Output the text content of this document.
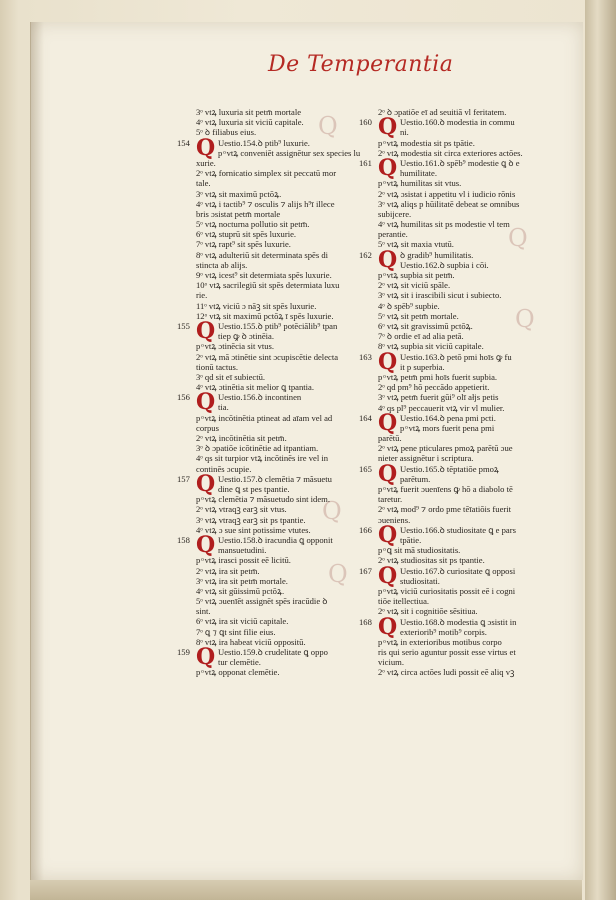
De Temperantia
Q
Q
Q
Q
Q
3ᵒ vtꝝ luxuria sit petm̄ mortale
4ᵒ vtꝝ luxuria sit viciū capitale.
5ᵒ ꝺ filiabus eius.
154 Q Uestio.154.ꝺ ptib⁹ luxurie.
p ͦ vtꝝ conveniēt assignētur sex species lu
xurie.
2ᵒ vtꝝ fornicatio simplex sit peccatū mor
tale.
3ᵒ vtꝝ sit maximū pctōꝝ.
4ᵒ vtꝝ i tactib⁹ ⁊ osculis ⁊ alijs h⁹ī illece
bris ɔsistat petm̄ mortale
5ᵒ vtꝝ nocturna pollutio sit petm̄.
6ᵒ vtꝝ stuprū sit spēs luxurie.
7ᵒ vtꝝ rapt⁹ sit spēs luxurie.
8ᵒ vtꝝ adulteriū sit determinata spēs di
stincta ab alijs.
9ᵒ vtꝝ icest⁹ sit determiata spēs luxurie.
10ᵒ vtꝝ sacrilegiū sit spēs determiata luxu
rie.
11ᵒ vtꝝ viciū ɔ nāꝫ sit spēs luxurie.
12ᵒ vtꝝ sit maximū pctōꝝ ī spēs luxurie.
155 Q Uestio.155.ꝺ ptib⁹ potēciālib⁹ tpan
tiep ꝙ ꝺ ɔtinēia.
p ͦ vtꝝ ɔtinēcia sit vtus.
2ᵒ vtꝝ mā ɔtinētie sint ɔcupiscētie delecta
tionū tactus.
3ᵒ qd sit eī subiectū.
4ᵒ vtꝝ ɔtinētia sit melior ꝗ tpantia.
156 Q Uestio.156.ꝺ incontinen
tia.
p ͦ vtꝝ incōtinētia ptineat ad aīam vel ad
corpus
2ᵒ vtꝝ incōtinētia sit petm̄.
3ᵒ ꝺ ɔpatiōe icōtinētie ad itpantiam.
4ᵒ qs sit turpior vtꝝ incōtinēs ire vel in
continēs ɔcupie.
157 Q Uestio.157.ꝺ clemētia ⁊ mãsuetu
dine ꝗ st pes tpantie.
p ͦ vtꝝ clemētia ⁊ mãsuetudo sint idem.
2ᵒ vtꝝ vtraqꝫ earꝫ sit vtus.
3ᵒ vtꝝ vtraqꝫ earꝫ sit ps tpantie.
4ᵒ vtꝝ ɔ sue sint potissime vtutes.
158 Q Uestio.158.ꝺ iracundia ꝗ opponit
mansuetudini.
p ͦ vtꝝ irasci possit eē licitū.
2ᵒ vtꝝ ira sit petm̄.
3ᵒ vtꝝ ira sit petm̄ mortale.
4ᵒ vtꝝ sit gūissimū pctōꝝ.
5ᵒ vtꝝ ɔuenīēt assignēt spēs iracūdie ꝺ
sint.
6ᵒ vtꝝ ira sit viciū capitale.
7ᵒ ꝗ ⁊ ꝗt sint filie eius.
8ᵒ vtꝝ ira habeat viciū oppositū.
159 Q Uestio.159.ꝺ crudelitate ꝗ oppo
tur clemētie.
p ͦ vtꝝ opponat clemētie.
2ᵒ ꝺ ɔpatiōe eī ad seuitiā vl feritatem.
160 Q Uestio.160.ꝺ modestia in commu
ni.
p ͦ vtꝝ modestia sit ps tpātie.
2ᵒ vtꝝ modestia sit circa exteriores actōes.
161 Q Uestio.161.ꝺ spēb⁹ modestie ꝗ ꝺ e
humilitate.
p ͦ vtꝝ humilitas sit vtus.
2ᵒ vtꝝ ɔsistat i appetitu vl i iudicio rōnis
3ᵒ vtꝝ aliqs p hūilitatē debeat se omnibus
subijcere.
4ᵒ vtꝝ humilitas sit ps modestie vl tem
perantie.
5ᵒ vtꝝ sit maxia vtutū.
162 Q ꝺ gradib⁹ humilitatis.
Uestio.162.ꝺ supbia i cōi.
p ͦ vtꝝ supbia sit petm̄.
2ᵒ vtꝝ sit viciū spāle.
3ᵒ vtꝝ sit i irascibili sicut i subiecto.
4ᵒ ꝺ spēb⁹ supbie.
5ᵒ vtꝝ sit petm̄ mortale.
6ᵒ vtꝝ sit gravissimū pctōꝝ.
7ᵒ ꝺ ordie eī ad alia petā.
8ᵒ vtꝝ supbia sit viciū capitale.
163 Q Uestio.163.ꝺ petō pmi hoīs ꝙ fu
it p̱ superbia.
p ͦ vtꝝ petm̄ pmi hoīs fuerit supbia.
2ᵒ qd pm⁹ hō peccādo appetierit.
3ᵒ vtꝝ petm̄ fuerit gūi⁹ olī ałjs petis
4ᵒ qs pl⁹ peccauerit vtꝝ vir vl mulier.
164 Q Uestio.164.ꝺ pena pmi pcti.
p ͦ vtꝝ mors fuerit pena pmi
parētū.
2ᵒ vtꝝ pene pticulares pmoꝝ parētū ɔue
nieter assignētur i scriptura.
165 Q Uestio.165.ꝺ tēptatiōe pmoꝝ
parētum.
p ͦ vtꝝ fuerit ɔuenīens ꝙ hō a diabolo tē
taretur.
2ᵒ vtꝝ mod⁹ ⁊ ordo pme tēīatiōis fuerit
ɔueniens.
166 Q Uestio.166.ꝺ studiositate ꝗ e pars
tpātie.
p ͦ ꝗ sit mā studiositatis.
2ᵒ vtꝝ studiositas sit ps tpantie.
167 Q Uestio.167.ꝺ curiositate ꝗ opposi
studiositati.
p ͦ vtꝝ viciū curiositatis possit eē i cogni
tiōe itellectiua.
2ᵒ vtꝝ sit i cognitiōe sēsitiua.
168 Q Uestio.168.ꝺ modestia ꝗ ɔsistit in
exteriorib⁹ motib⁹ corpis.
p ͦ vtꝝ in exterioribus motibus corpo
ris qui serio aguntur possit esse virtus et
vicium.
2ᵒ vtꝝ circa actōes ludi possit eē aliq vꝫ
